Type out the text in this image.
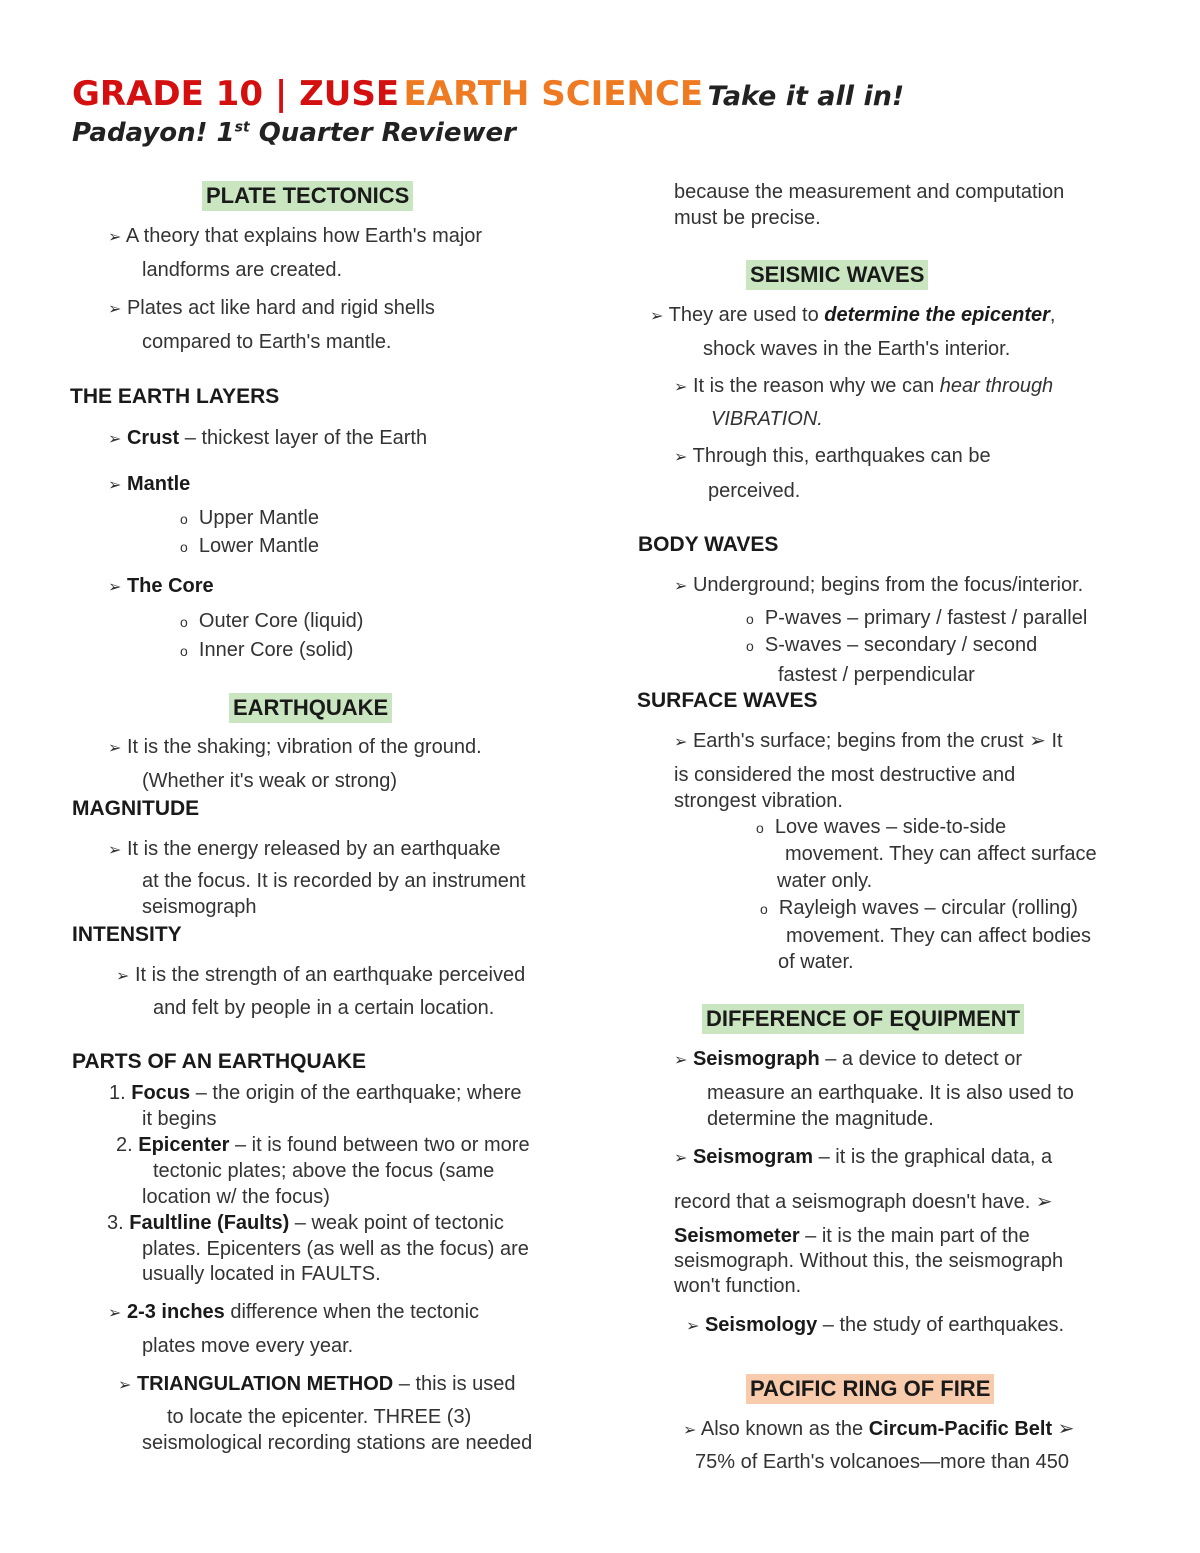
GRADE 10 | ZUSE EARTH SCIENCE Take it all in!
Padayon! 1st Quarter Reviewer
PLATE TECTONICS
➢ A theory that explains how Earth's major
landforms are created.
➢ Plates act like hard and rigid shells
compared to Earth's mantle.
THE EARTH LAYERS
➢ Crust – thickest layer of the Earth
➢ Mantle
o Upper Mantle
o Lower Mantle
➢ The Core
o Outer Core (liquid)
o Inner Core (solid)
EARTHQUAKE
➢ It is the shaking; vibration of the ground.
(Whether it's weak or strong)
MAGNITUDE
➢ It is the energy released by an earthquake
at the focus. It is recorded by an instrument
seismograph
INTENSITY
➢ It is the strength of an earthquake perceived
and felt by people in a certain location.
PARTS OF AN EARTHQUAKE
1. Focus – the origin of the earthquake; where
it begins
2. Epicenter – it is found between two or more
tectonic plates; above the focus (same
location w/ the focus)
3. Faultline (Faults) – weak point of tectonic
plates. Epicenters (as well as the focus) are
usually located in FAULTS.
➢ 2-3 inches difference when the tectonic
plates move every year.
➢ TRIANGULATION METHOD – this is used
to locate the epicenter. THREE (3)
seismological recording stations are needed
because the measurement and computation
must be precise.
SEISMIC WAVES
➢ They are used to determine the epicenter,
shock waves in the Earth's interior.
➢ It is the reason why we can hear through
VIBRATION.
➢ Through this, earthquakes can be
perceived.
BODY WAVES
➢ Underground; begins from the focus/interior.
o P-waves – primary / fastest / parallel
o S-waves – secondary / second
fastest / perpendicular
SURFACE WAVES
➢ Earth's surface; begins from the crust ➢ It
is considered the most destructive and
strongest vibration.
o Love waves – side-to-side
movement. They can affect surface
water only.
o Rayleigh waves – circular (rolling)
movement. They can affect bodies
of water.
DIFFERENCE OF EQUIPMENT
➢ Seismograph – a device to detect or
measure an earthquake. It is also used to
determine the magnitude.
➢ Seismogram – it is the graphical data, a
record that a seismograph doesn't have. ➢
Seismometer – it is the main part of the
seismograph. Without this, the seismograph
won't function.
➢ Seismology – the study of earthquakes.
PACIFIC RING OF FIRE
➢ Also known as the Circum-Pacific Belt ➢
75% of Earth's volcanoes—more than 450
